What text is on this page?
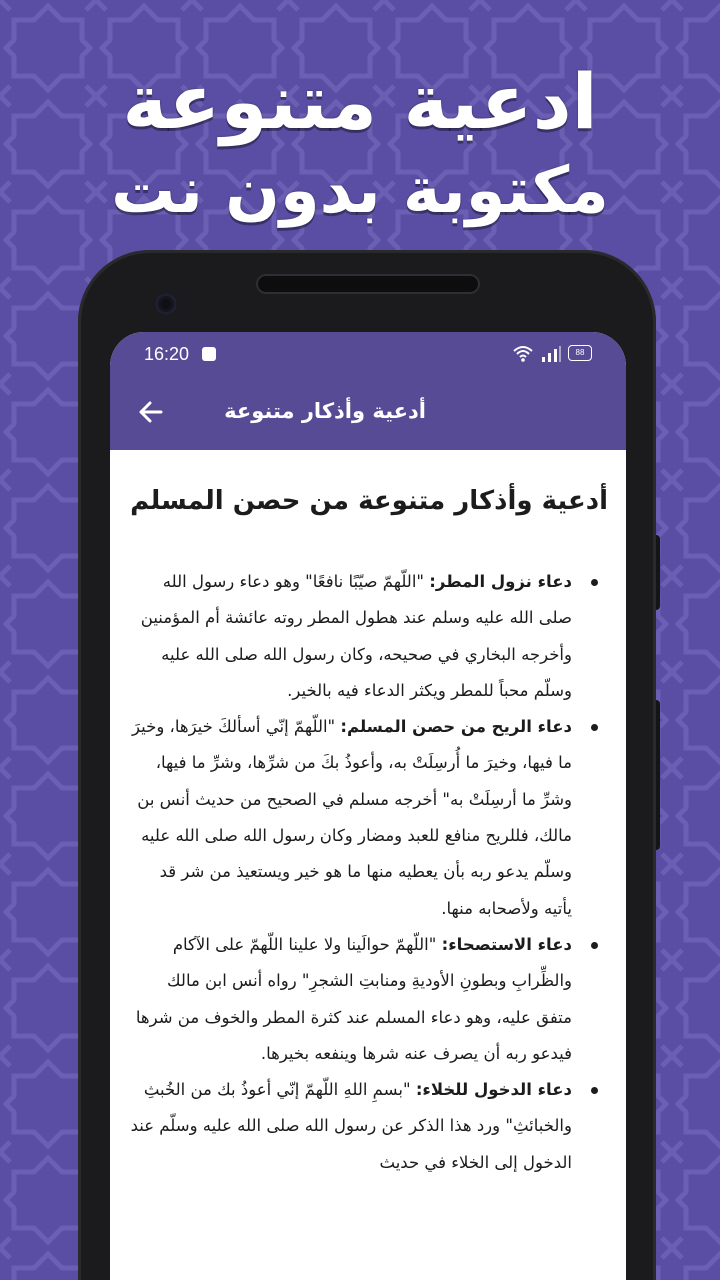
ادعية متنوعة
مكتوبة بدون نت
16:20	88
أدعية وأذكار متنوعة
أدعية وأذكار متنوعة من حصن المسلم
دعاء نزول المطر: "اللّهمّ صيّبًا نافعًا" وهو دعاء رسول الله صلى الله عليه وسلم عند هطول المطر روته عائشة أم المؤمنين وأخرجه البخاري في صحيحه، وكان رسول الله صلى الله عليه وسلّم محباً للمطر ويكثر الدعاء فيه بالخير.
دعاء الريح من حصن المسلم: "اللّهمّ إنّي أسألكَ خيرَها، وخيرَ ما فيها، وخيرَ ما أُرسِلَتْ به، وأعوذُ بكَ من شرِّها، وشرِّ ما فيها، وشرِّ ما أرسِلَتْ به" أخرجه مسلم في الصحيح من حديث أنس بن مالك، فللريح منافع للعبد ومضار وكان رسول الله صلى الله عليه وسلّم يدعو ربه بأن يعطيه منها ما هو خير ويستعيذ من شر قد يأتيه ولأصحابه منها.
دعاء الاستصحاء: "اللّهمّ حوالَينا ولا علينا اللّهمّ على الآكام والظِّرابِ وبطونِ الأوديةِ ومنابتِ الشجرِ" رواه أنس ابن مالك متفق عليه، وهو دعاء المسلم عند كثرة المطر والخوف من شرها فيدعو ربه أن يصرف عنه شرها وينفعه بخيرها.
دعاء الدخول للخلاء: "بسمِ اللهِ اللّهمّ إنّي أعوذُ بك من الخُبثِ والخبائثِ" ورد هذا الذكر عن رسول الله صلى الله عليه وسلّم عند الدخول إلى الخلاء في حديث
